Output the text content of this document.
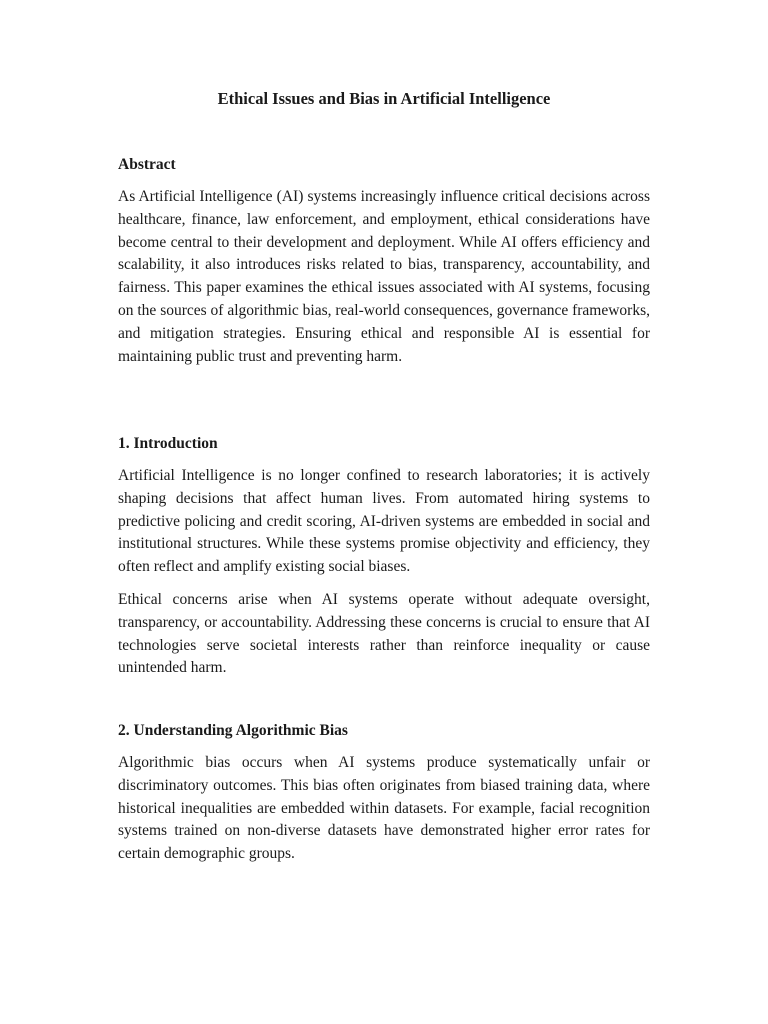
Ethical Issues and Bias in Artificial Intelligence
Abstract

As Artificial Intelligence (AI) systems increasingly influence critical decisions across healthcare, finance, law enforcement, and employment, ethical considerations have become central to their development and deployment. While AI offers efficiency and scalability, it also introduces risks related to bias, transparency, accountability, and fairness. This paper examines the ethical issues associated with AI systems, focusing on the sources of algorithmic bias, real-world consequences, governance frameworks, and mitigation strategies. Ensuring ethical and responsible AI is essential for maintaining public trust and preventing harm.

1. Introduction

Artificial Intelligence is no longer confined to research laboratories; it is actively shaping decisions that affect human lives. From automated hiring systems to predictive policing and credit scoring, AI-driven systems are embedded in social and institutional structures. While these systems promise objectivity and efficiency, they often reflect and amplify existing social biases.

Ethical concerns arise when AI systems operate without adequate oversight, transparency, or accountability. Addressing these concerns is crucial to ensure that AI technologies serve societal interests rather than reinforce inequality or cause unintended harm.

2. Understanding Algorithmic Bias

Algorithmic bias occurs when AI systems produce systematically unfair or discriminatory outcomes. This bias often originates from biased training data, where historical inequalities are embedded within datasets. For example, facial recognition systems trained on non-diverse datasets have demonstrated higher error rates for certain demographic groups.
